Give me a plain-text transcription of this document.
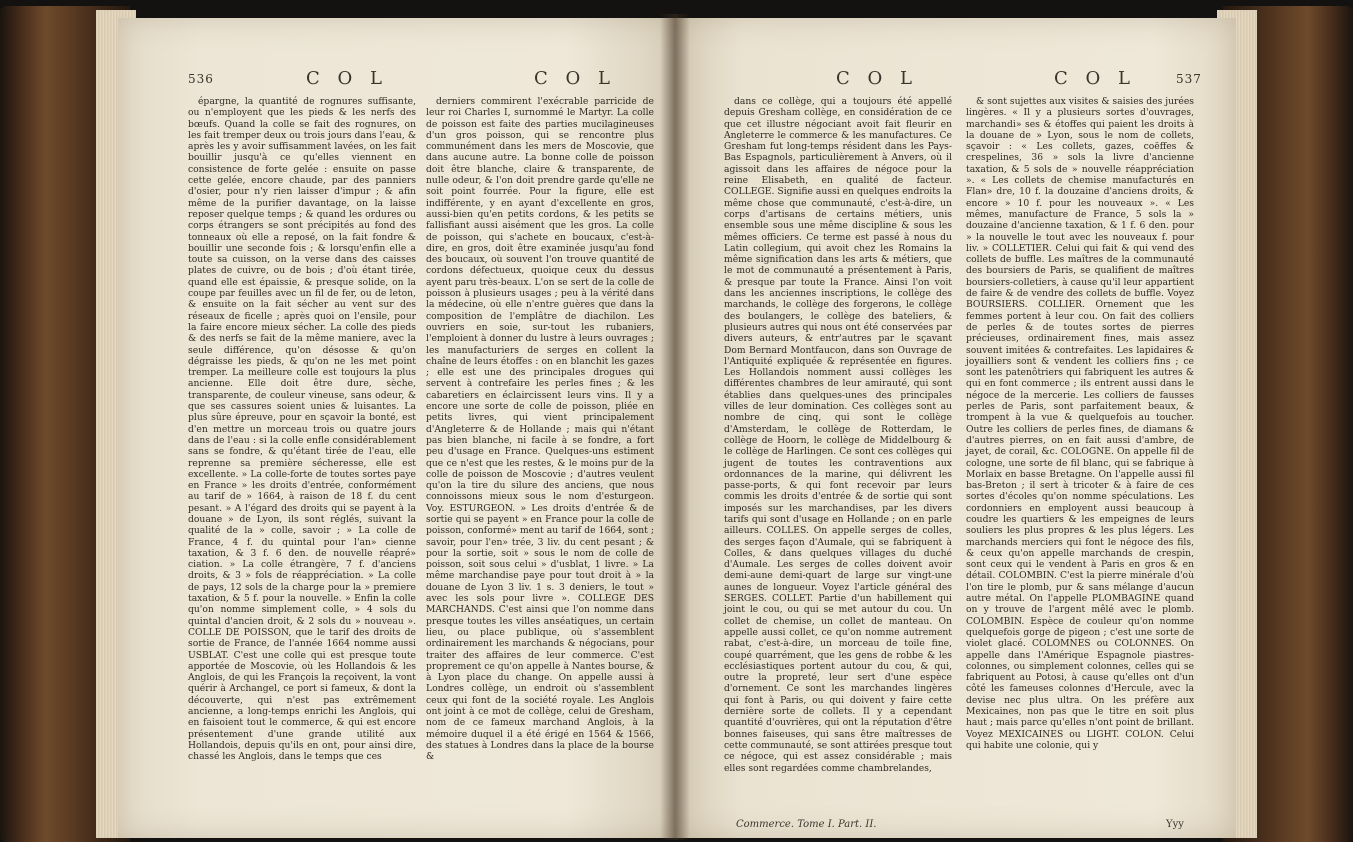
536	C O L	C O L

épargne, la quantité de rognures suffisante, ou n'employent que les pieds & les nerfs des bœufs. Quand la colle se fait des rognures, on les fait tremper deux ou trois jours dans l'eau, & après les y avoir suffisamment lavées, on les fait bouillir jusqu'à ce qu'elles viennent en consistence de forte gelée : ensuite on passe cette gelée, encore chaude, par des panniers d'osier, pour n'y rien laisser d'impur ; & afin même de la purifier davantage, on la laisse reposer quelque temps ; & quand les ordures ou corps étrangers se sont précipités au fond des tonneaux où elle a reposé, on la fait fondre & bouillir une seconde fois ; & lorsqu'enfin elle a toute sa cuisson, on la verse dans des caisses plates de cuivre, ou de bois ; d'où étant tirée, quand elle est épaissie, & presque solide, on la coupe par feuilles avec un fil de fer, ou de leton, & ensuite on la fait sécher au vent sur des réseaux de ficelle ; après quoi on l'ensile, pour la faire encore mieux sécher. La colle des pieds & des nerfs se fait de la même maniere, avec la seule différence, qu'on désosse & qu'on dégraisse les pieds, & qu'on ne les met point tremper. La meilleure colle est toujours la plus ancienne. Elle doit être dure, sèche, transparente, de couleur vineuse, sans odeur, & que ses cassures soient unies & luisantes. La plus sûre épreuve, pour en sçavoir la bonté, est d'en mettre un morceau trois ou quatre jours dans de l'eau : si la colle enfle considérablement sans se fondre, & qu'étant tirée de l'eau, elle reprenne sa première sécheresse, elle est excellente. » La colle-forte de toutes sortes paye en France » les droits d'entrée, conformément au tarif de » 1664, à raison de 18 f. du cent pesant. » A l'égard des droits qui se payent à la douane » de Lyon, ils sont réglés, suivant la qualité de la » colle, savoir ; » La colle de France, 4 f. du quintal pour l'an» cienne taxation, & 3 f. 6 den. de nouvelle réapré» ciation. » La colle étrangère, 7 f. d'anciens droits, & 3 » fols de réappréciation. » La colle de pays, 12 sols de la charge pour la » premiere taxation, & 5 f. pour la nouvelle. » Enfin la colle qu'on nomme simplement colle, » 4 sols du quintal d'ancien droit, & 2 sols du » nouveau ». COLLE DE POISSON, que le tarif des droits de sortie de France, de l'année 1664 nomme aussi USBLAT. C'est une colle qui est presque toute apportée de Moscovie, où les Hollandois & les Anglois, de qui les François la reçoivent, la vont quérir à Archangel, ce port si fameux, & dont la découverte, qui n'est pas extrêmement ancienne, a long-temps enrichi les Anglois, qui en faisoient tout le commerce, & qui est encore présentement d'une grande utilité aux Hollandois, depuis qu'ils en ont, pour ainsi dire, chassé les Anglois, dans le temps que ces

derniers commirent l'exécrable parricide de leur roi Charles I, surnommé le Martyr. La colle de poisson est faite des parties mucilagineuses d'un gros poisson, qui se rencontre plus communément dans les mers de Moscovie, que dans aucune autre. La bonne colle de poisson doit être blanche, claire & transparente, de nulle odeur, & l'on doit prendre garde qu'elle ne soit point fourrée. Pour la figure, elle est indifférente, y en ayant d'excellente en gros, aussi-bien qu'en petits cordons, & les petits se fallisfiant aussi aisément que les gros. La colle de poisson, qui s'achete en boucaux, c'est-à-dire, en gros, doit être examinée jusqu'au fond des boucaux, où souvent l'on trouve quantité de cordons défectueux, quoique ceux du dessus ayent paru très-beaux. L'on se sert de la colle de poisson à plusieurs usages ; peu à la vérité dans la médecine, où elle n'entre guères que dans la composition de l'emplâtre de diachilon. Les ouvriers en soie, sur-tout les rubaniers, l'emploient à donner du lustre à leurs ouvrages ; les manufacturiers de serges en collent la chaîne de leurs étoffes : on en blanchit les gazes ; elle est une des principales drogues qui servent à contrefaire les perles fines ; & les cabaretiers en éclaircissent leurs vins. Il y a encore une sorte de colle de poisson, pliée en petits livres, qui vient principalement d'Angleterre & de Hollande ; mais qui n'étant pas bien blanche, ni facile à se fondre, a fort peu d'usage en France. Quelques-uns estiment que ce n'est que les restes, & le moins pur de la colle de poisson de Moscovie ; d'autres veulent qu'on la tire du silure des anciens, que nous connoissons mieux sous le nom d'esturgeon. Voy. ESTURGEON. » Les droits d'entrée & de sortie qui se payent » en France pour la colle de poisson, conformé» ment au tarif de 1664, sont ; savoir, pour l'en» trée, 3 liv. du cent pesant ; & pour la sortie, soit » sous le nom de colle de poisson, soit sous celui » d'usblat, 1 livre. » La même marchandise paye pour tout droit à » la douane de Lyon 3 liv. 1 s. 3 deniers, le tout » avec les sols pour livre ». COLLEGE DES MARCHANDS. C'est ainsi que l'on nomme dans presque toutes les villes anséatiques, un certain lieu, ou place publique, où s'assemblent ordinairement les marchands & négocians, pour traiter des affaires de leur commerce. C'est proprement ce qu'on appelle à Nantes bourse, & à Lyon place du change. On appelle aussi à Londres collège, un endroit où s'assemblent ceux qui font de la société royale. Les Anglois ont joint à ce mot de collège, celui de Gresham, nom de ce fameux marchand Anglois, à la mémoire duquel il a été érigé en 1564 & 1566, des statues à Londres dans la place de la bourse &

C O L	C O L	537

dans ce collège, qui a toujours été appellé depuis Gresham collège, en considération de ce que cet illustre négociant avoit fait fleurir en Angleterre le commerce & les manufactures. Ce Gresham fut long-temps résident dans les Pays-Bas Espagnols, particulièrement à Anvers, où il agissoit dans les affaires de négoce pour la reine Elisabeth, en qualité de facteur. COLLEGE. Signifie aussi en quelques endroits la même chose que communauté, c'est-à-dire, un corps d'artisans de certains métiers, unis ensemble sous une même discipline & sous les mêmes officiers. Ce terme est passé à nous du Latin collegium, qui avoit chez les Romains la même signification dans les arts & métiers, que le mot de communauté a présentement à Paris, & presque par toute la France. Ainsi l'on voit dans les anciennes inscriptions, le collège des marchands, le collège des forgerons, le collège des boulangers, le collège des bateliers, & plusieurs autres qui nous ont été conservées par divers auteurs, & entr'autres par le sçavant Dom Bernard Montfaucon, dans son Ouvrage de l'Antiquité expliquée & représentée en figures. Les Hollandois nomment aussi collèges les différentes chambres de leur amirauté, qui sont établies dans quelques-unes des principales villes de leur domination. Ces collèges sont au nombre de cinq, qui sont le collège d'Amsterdam, le collège de Rotterdam, le collège de Hoorn, le collège de Middelbourg & le collège de Harlingen. Ce sont ces collèges qui jugent de toutes les contraventions aux ordonnances de la marine, qui délivrent les passe-ports, & qui font recevoir par leurs commis les droits d'entrée & de sortie qui sont imposés sur les marchandises, par les divers tarifs qui sont d'usage en Hollande ; on en parle ailleurs. COLLES. On appelle serges de colles, des serges façon d'Aumale, qui se fabriquent à Colles, & dans quelques villages du duché d'Aumale. Les serges de colles doivent avoir demi-aune demi-quart de large sur vingt-une aunes de longueur. Voyez l'article général des SERGES. COLLET. Partie d'un habillement qui joint le cou, ou qui se met autour du cou. Un collet de chemise, un collet de manteau. On appelle aussi collet, ce qu'on nomme autrement rabat, c'est-à-dire, un morceau de toile fine, coupé quarrément, que les gens de robbe & les ecclésiastiques portent autour du cou, & qui, outre la propreté, leur sert d'une espèce d'ornement. Ce sont les marchandes lingères qui font à Paris, ou qui doivent y faire cette dernière sorte de collets. Il y a cependant quantité d'ouvrières, qui ont la réputation d'être bonnes faiseuses, qui sans être maîtresses de cette communauté, se sont attirées presque tout ce négoce, qui est assez considérable ; mais elles sont regardées comme chambrelandes,

& sont sujettes aux visites & saisies des jurées lingères. « Il y a plusieurs sortes d'ouvrages, marchandi» ses & étoffes qui paient les droits à la douane de » Lyon, sous le nom de collets, sçavoir : « Les collets, gazes, coëffes & crespelines, 36 » sols la livre d'ancienne taxation, & 5 sols de » nouvelle réappréciation ». « Les collets de chemise manufacturés en Flan» dre, 10 f. la douzaine d'anciens droits, & encore » 10 f. pour les nouveaux ». « Les mêmes, manufacture de France, 5 sols la » douzaine d'ancienne taxation, & 1 f. 6 den. pour » la nouvelle le tout avec les nouveaux f. pour liv. » COLLETIER. Celui qui fait & qui vend des collets de buffle. Les maîtres de la communauté des boursiers de Paris, se qualifient de maîtres boursiers-colletiers, à cause qu'il leur appartient de faire & de vendre des collets de buffle. Voyez BOURSIERS. COLLIER. Ornement que les femmes portent à leur cou. On fait des colliers de perles & de toutes sortes de pierres précieuses, ordinairement fines, mais assez souvent imitées & contrefaites. Les lapidaires & joyailliers sont & vendent les colliers fins ; ce sont les patenôtriers qui fabriquent les autres & qui en font commerce ; ils entrent aussi dans le négoce de la mercerie. Les colliers de fausses perles de Paris, sont parfaitement beaux, & trompent à la vue & quelquefois au toucher. Outre les colliers de perles fines, de diamans & d'autres pierres, on en fait aussi d'ambre, de jayet, de corail, &c. COLOGNE. On appelle fil de cologne, une sorte de fil blanc, qui se fabrique à Morlaix en basse Bretagne. On l'appelle aussi fil bas-Breton ; il sert à tricoter & à faire de ces sortes d'écoles qu'on nomme spéculations. Les cordonniers en employent aussi beaucoup à coudre les quartiers & les empeignes de leurs souliers les plus propres & les plus légers. Les marchands merciers qui font le négoce des fils, & ceux qu'on appelle marchands de crespin, sont ceux qui le vendent à Paris en gros & en détail. COLOMBIN. C'est la pierre minérale d'où l'on tire le plomb, pur & sans mélange d'aucun autre métal. On l'appelle PLOMBAGINE quand on y trouve de l'argent mêlé avec le plomb. COLOMBIN. Espèce de couleur qu'on nomme quelquefois gorge de pigeon ; c'est une sorte de violet glacé. COLOMNES ou COLONNES. On appelle dans l'Amérique Espagnole piastres-colonnes, ou simplement colonnes, celles qui se fabriquent au Potosi, à cause qu'elles ont d'un côté les fameuses colonnes d'Hercule, avec la devise nec plus ultra. On les préfère aux Mexicaines, non pas que le titre en soit plus haut ; mais parce qu'elles n'ont point de brillant. Voyez MEXICAINES ou LIGHT. COLON. Celui qui habite une colonie, qui y

Commerce. Tome I. Part. II.	Yyy
